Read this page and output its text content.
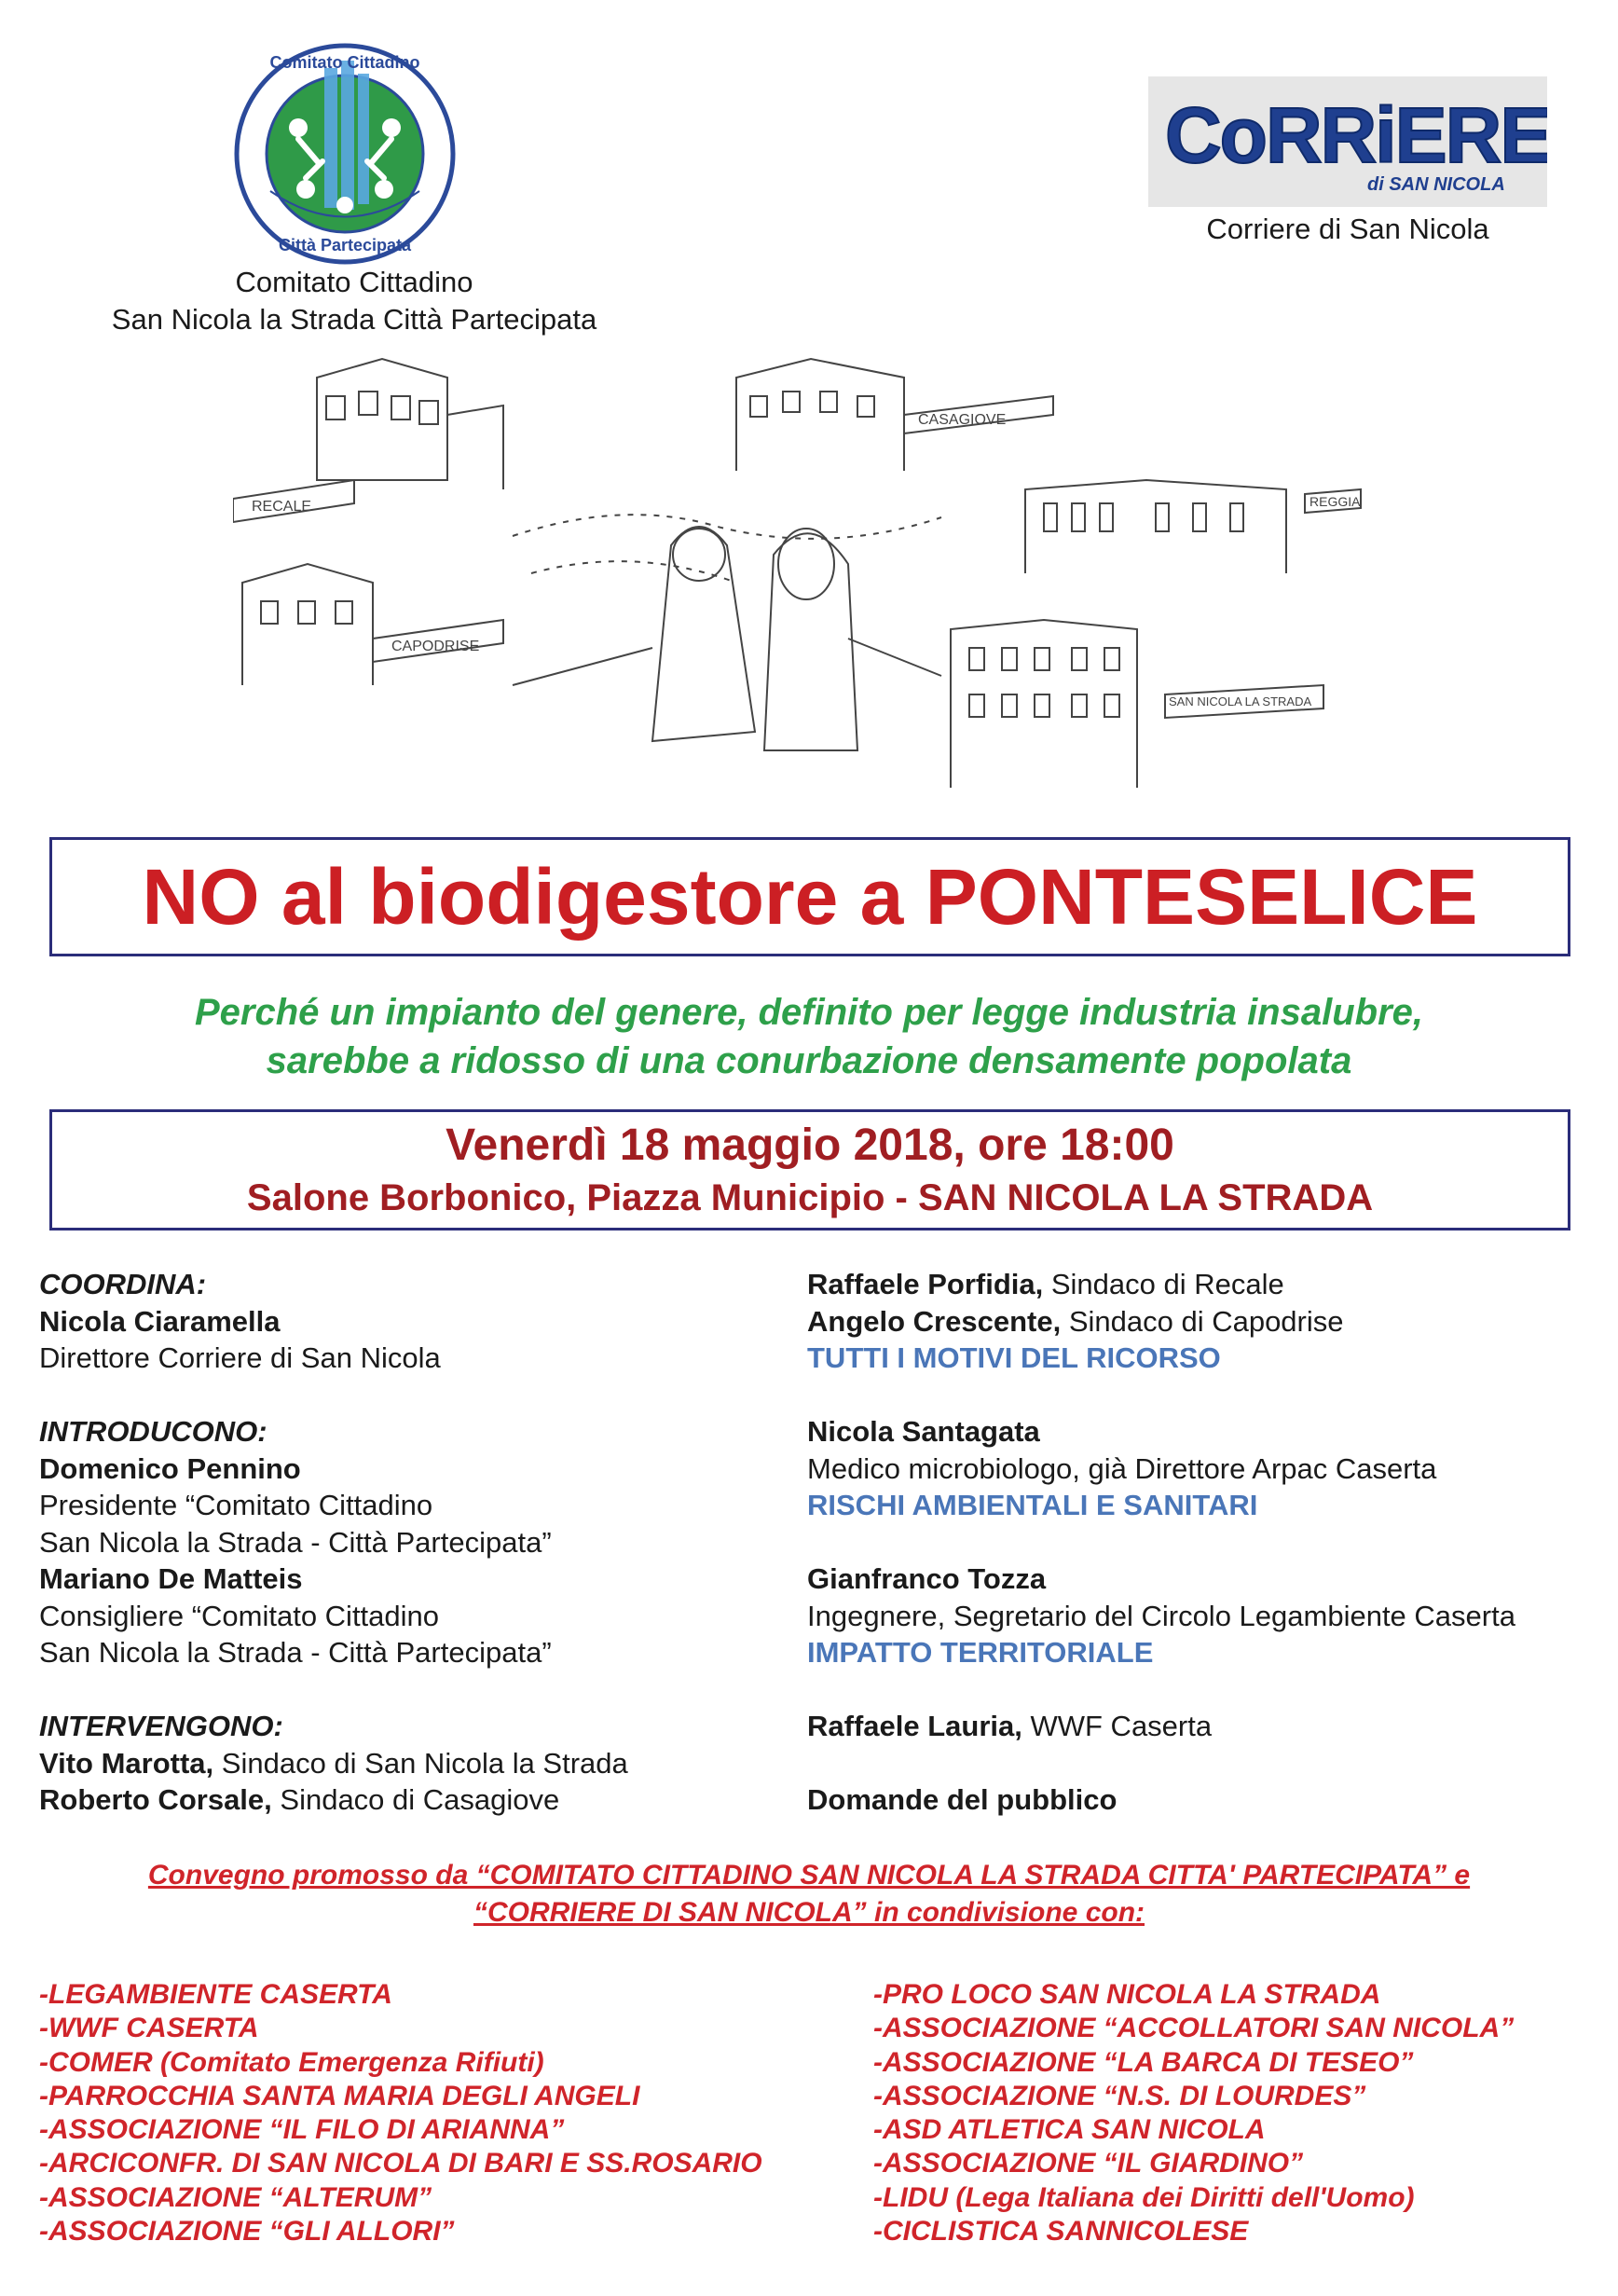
Comitato Cittadino
Città Partecipata

Comitato Cittadino

San Nicola la Strada Città Partecipata

CoRRiERE
di SAN NICOLA
Corriere di San Nicola
RECALE
CASAGIOVE
REGGIA
CAPODRISE
SAN NICOLA LA STRADA
NO al biodigestore a PONTESELICE

Perché un impianto del genere, definito per legge industria insalubre,

sarebbe a ridosso di una conurbazione densamente popolata

Venerdì 18 maggio 2018, ore 18:00

Salone Borbonico, Piazza Municipio - SAN NICOLA LA STRADA

COORDINA:

Nicola Ciaramella

Direttore Corriere di San Nicola

INTRODUCONO:

Domenico Pennino

Presidente “Comitato Cittadino

San Nicola la Strada - Città Partecipata”

Mariano De Matteis

Consigliere “Comitato Cittadino

San Nicola la Strada - Città Partecipata”

INTERVENGONO:

Vito Marotta, Sindaco di San Nicola la Strada

Roberto Corsale, Sindaco di Casagiove

Raffaele Porfidia, Sindaco di Recale

Angelo Crescente, Sindaco di Capodrise

TUTTI I MOTIVI DEL RICORSO

Nicola Santagata

Medico microbiologo, già Direttore Arpac Caserta

RISCHI AMBIENTALI E SANITARI

Gianfranco Tozza

Ingegnere, Segretario del Circolo Legambiente Caserta

IMPATTO TERRITORIALE

Raffaele Lauria, WWF Caserta

Domande del pubblico

Convegno promosso da “COMITATO CITTADINO SAN NICOLA LA STRADA CITTA' PARTECIPATA” e

“CORRIERE DI SAN NICOLA” in condivisione con:

-LEGAMBIENTE CASERTA

-WWF CASERTA

-COMER (Comitato Emergenza Rifiuti)

-PARROCCHIA SANTA MARIA DEGLI ANGELI

-ASSOCIAZIONE “IL FILO DI ARIANNA”

-ARCICONFR. DI SAN NICOLA DI BARI E SS.ROSARIO

-ASSOCIAZIONE “ALTERUM”

-ASSOCIAZIONE “GLI ALLORI”

-PRO LOCO SAN NICOLA LA STRADA

-ASSOCIAZIONE “ACCOLLATORI SAN NICOLA”

-ASSOCIAZIONE “LA BARCA DI TESEO”

-ASSOCIAZIONE “N.S. DI LOURDES”

-ASD ATLETICA SAN NICOLA

-ASSOCIAZIONE “IL GIARDINO”

-LIDU (Lega Italiana dei Diritti dell'Uomo)

-CICLISTICA SANNICOLESE
